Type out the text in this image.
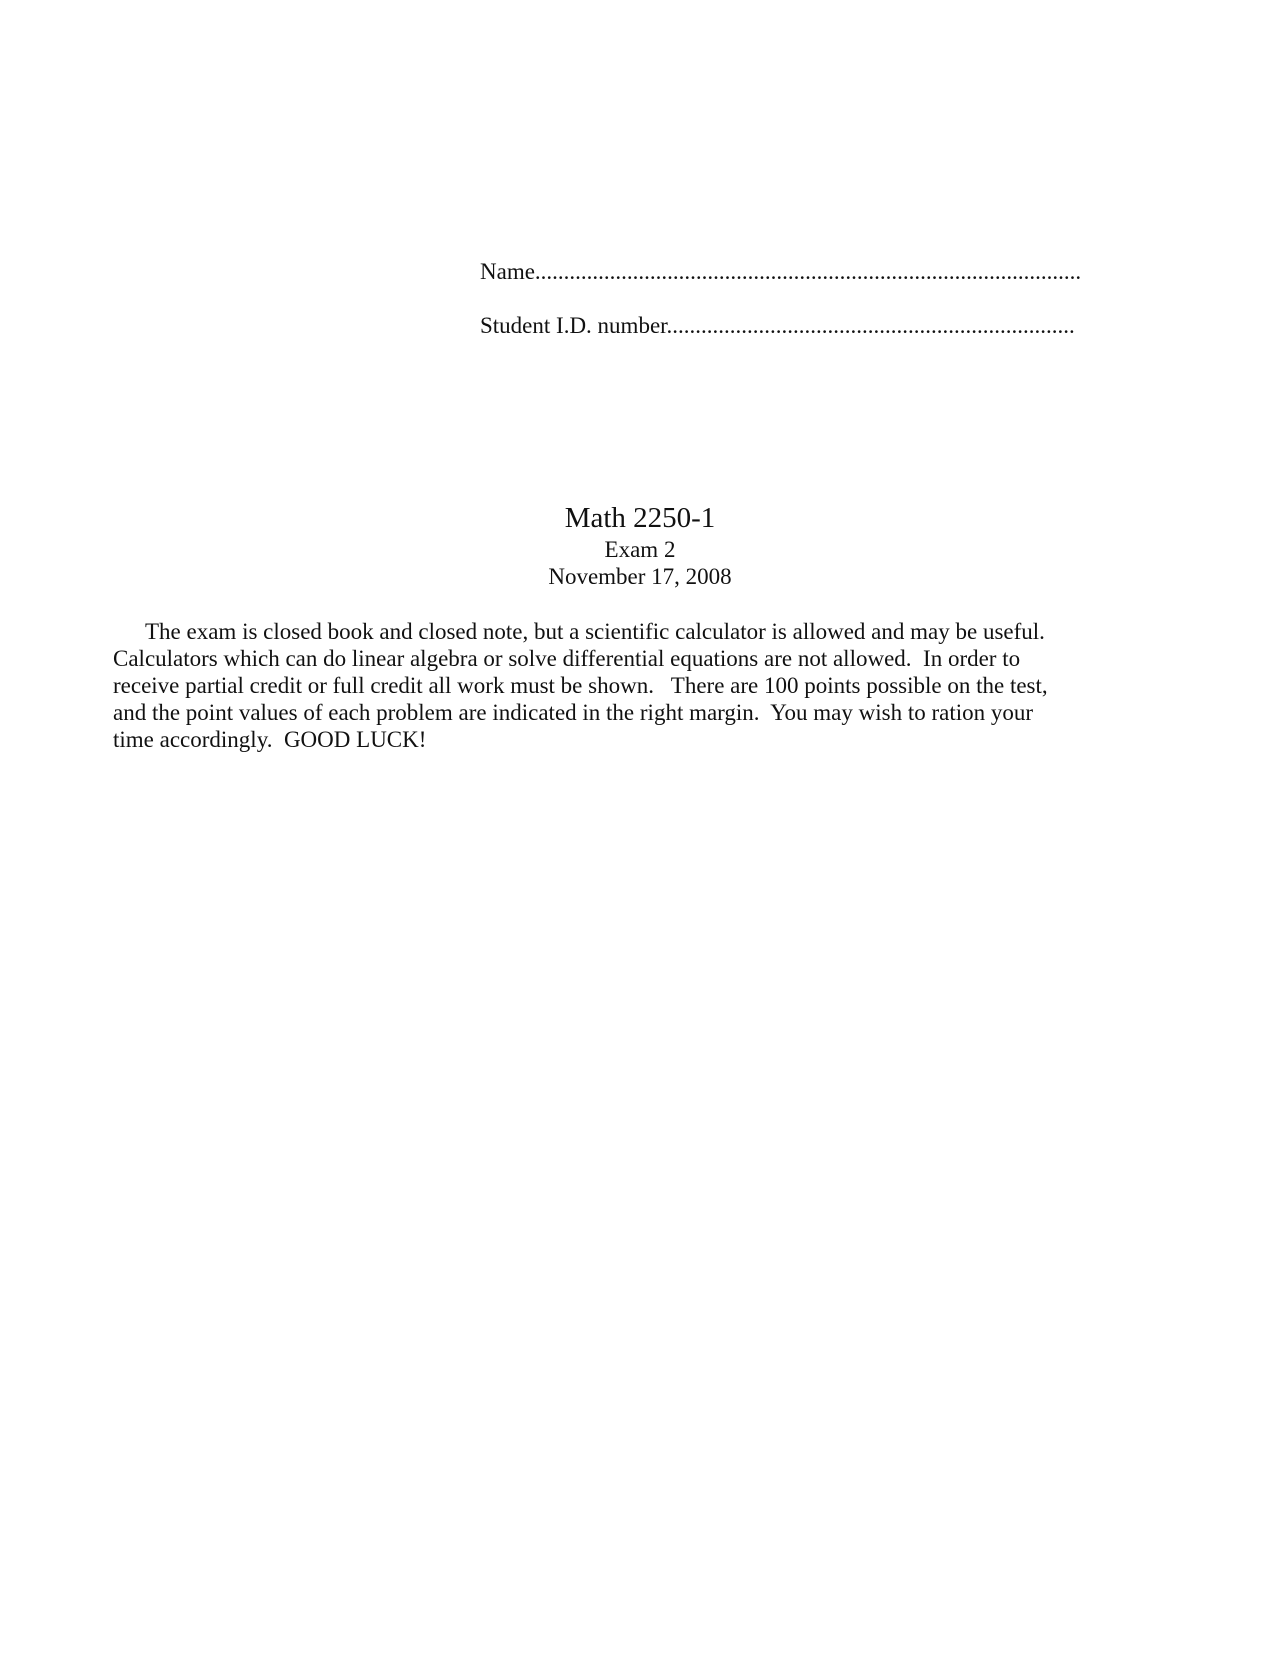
Name...............................................................................................
Student I.D. number.......................................................................
Math 2250-1
Exam 2
November 17, 2008
The exam is closed book and closed note, but a scientific calculator is allowed and may be useful.
Calculators which can do linear algebra or solve differential equations are not allowed.  In order to
receive partial credit or full credit all work must be shown.   There are 100 points possible on the test,
and the point values of each problem are indicated in the right margin.  You may wish to ration your
time accordingly.  GOOD LUCK!
